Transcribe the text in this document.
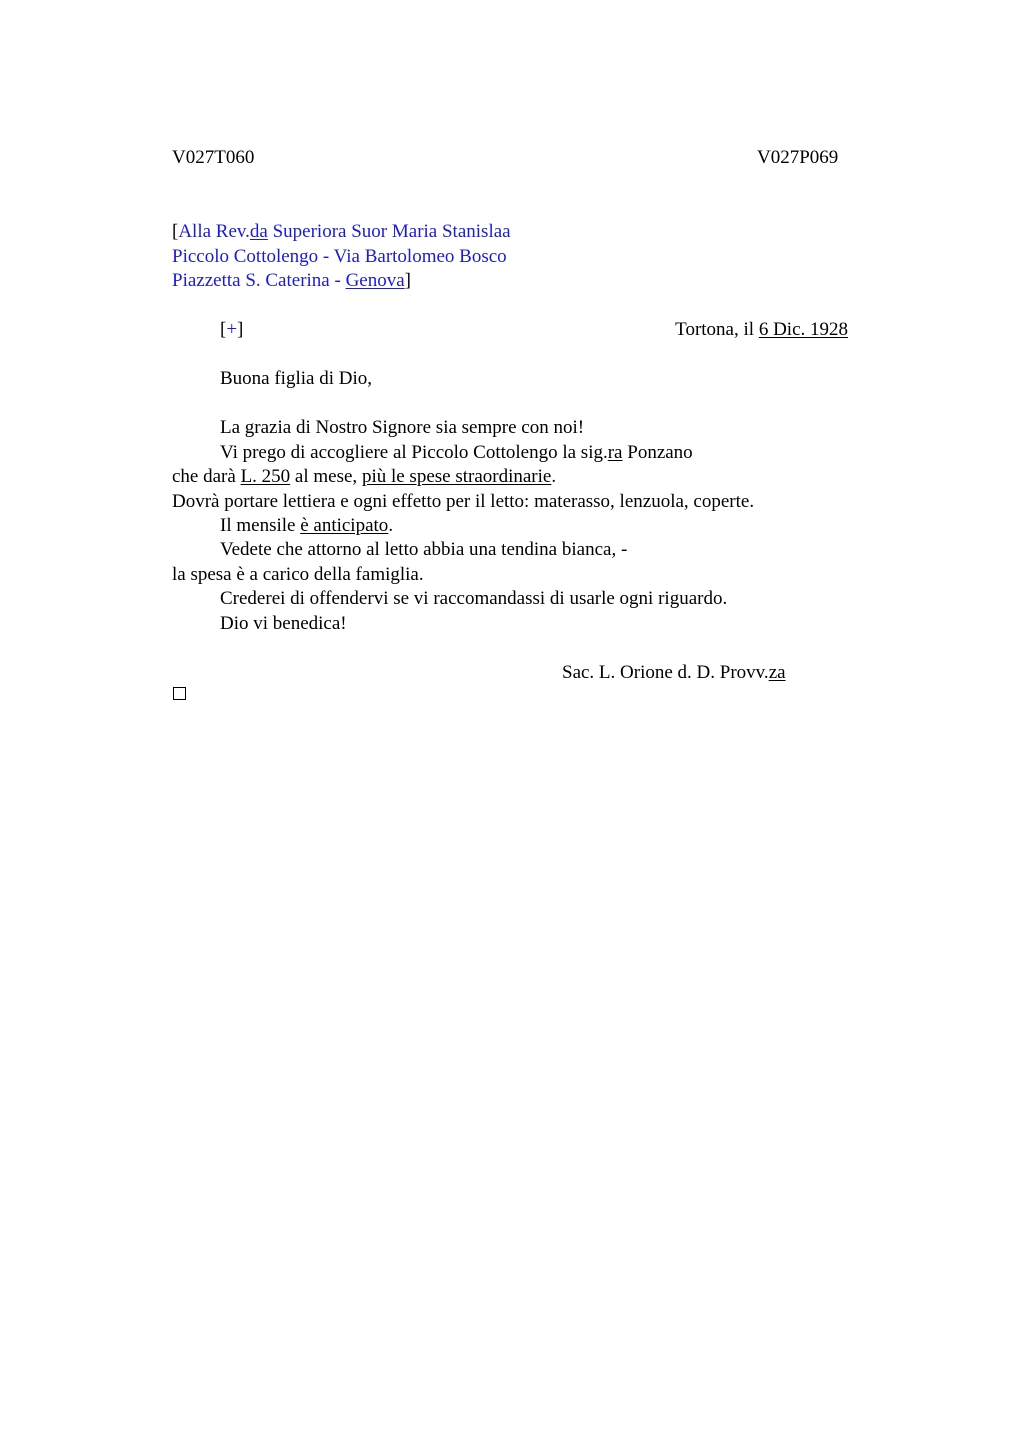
V027T060	V027P069
[Alla Rev.da Superiora Suor Maria Stanislaa
Piccolo Cottolengo - Via Bartolomeo Bosco
Piazzetta S. Caterina - Genova]
[+]	Tortona, il 6 Dic. 1928
Buona figlia di Dio,
La grazia di Nostro Signore sia sempre con noi!
Vi prego di accogliere al Piccolo Cottolengo la sig.ra Ponzano
che darà L. 250 al mese, più le spese straordinarie.
Dovrà portare lettiera e ogni effetto per il letto: materasso, lenzuola, coperte.
Il mensile è anticipato.
Vedete che attorno al letto abbia una tendina bianca, -
la spesa è a carico della famiglia.
Crederei di offendervi se vi raccomandassi di usarle ogni riguardo.
Dio vi benedica!
Sac. L. Orione d. D. Provv.za
